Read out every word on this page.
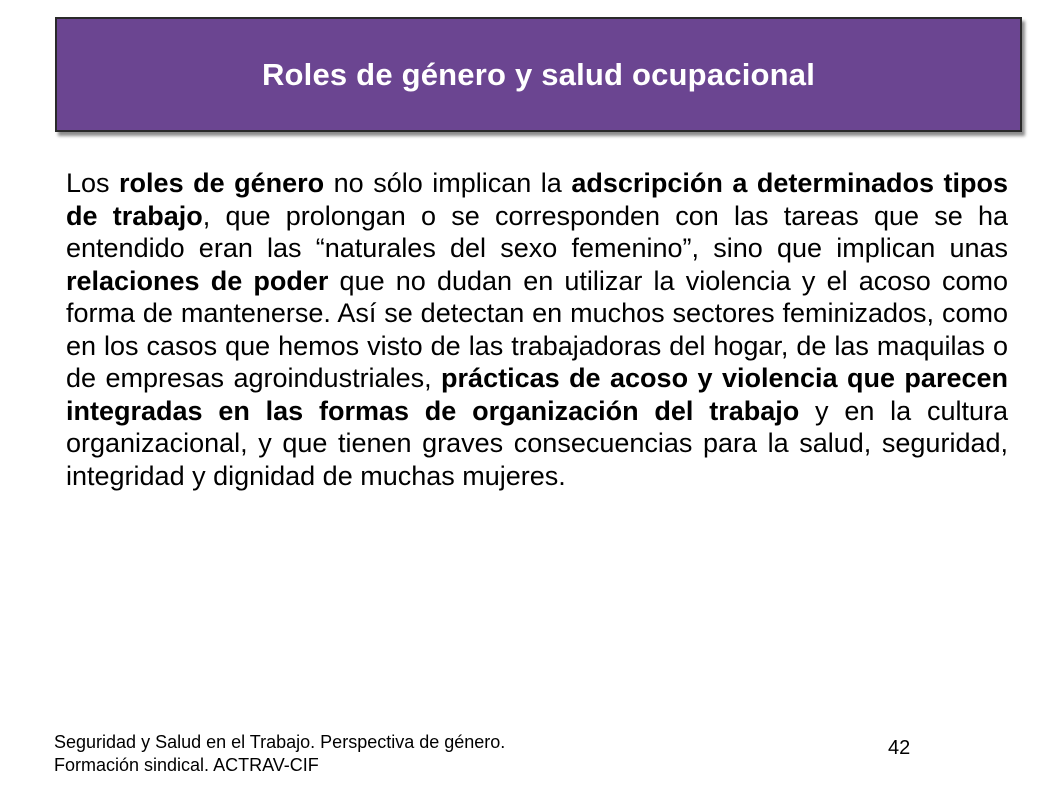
Roles de género y salud ocupacional

Los roles de género no sólo implican la adscripción a determinados tipos de trabajo, que prolongan o se corresponden con las tareas que se ha entendido eran las “naturales del sexo femenino”, sino que implican unas relaciones de poder que no dudan en utilizar la violencia y el acoso como forma de mantenerse. Así se detectan en muchos sectores feminizados, como en los casos que hemos visto de las trabajadoras del hogar, de las maquilas o de empresas agroindustriales, prácticas de acoso y violencia que parecen integradas en las formas de organización del trabajo y en la cultura organizacional, y que tienen graves consecuencias para la salud, seguridad, integridad y dignidad de muchas mujeres.

Seguridad y Salud en el Trabajo. Perspectiva de género.
Formación sindical. ACTRAV-CIF
42
